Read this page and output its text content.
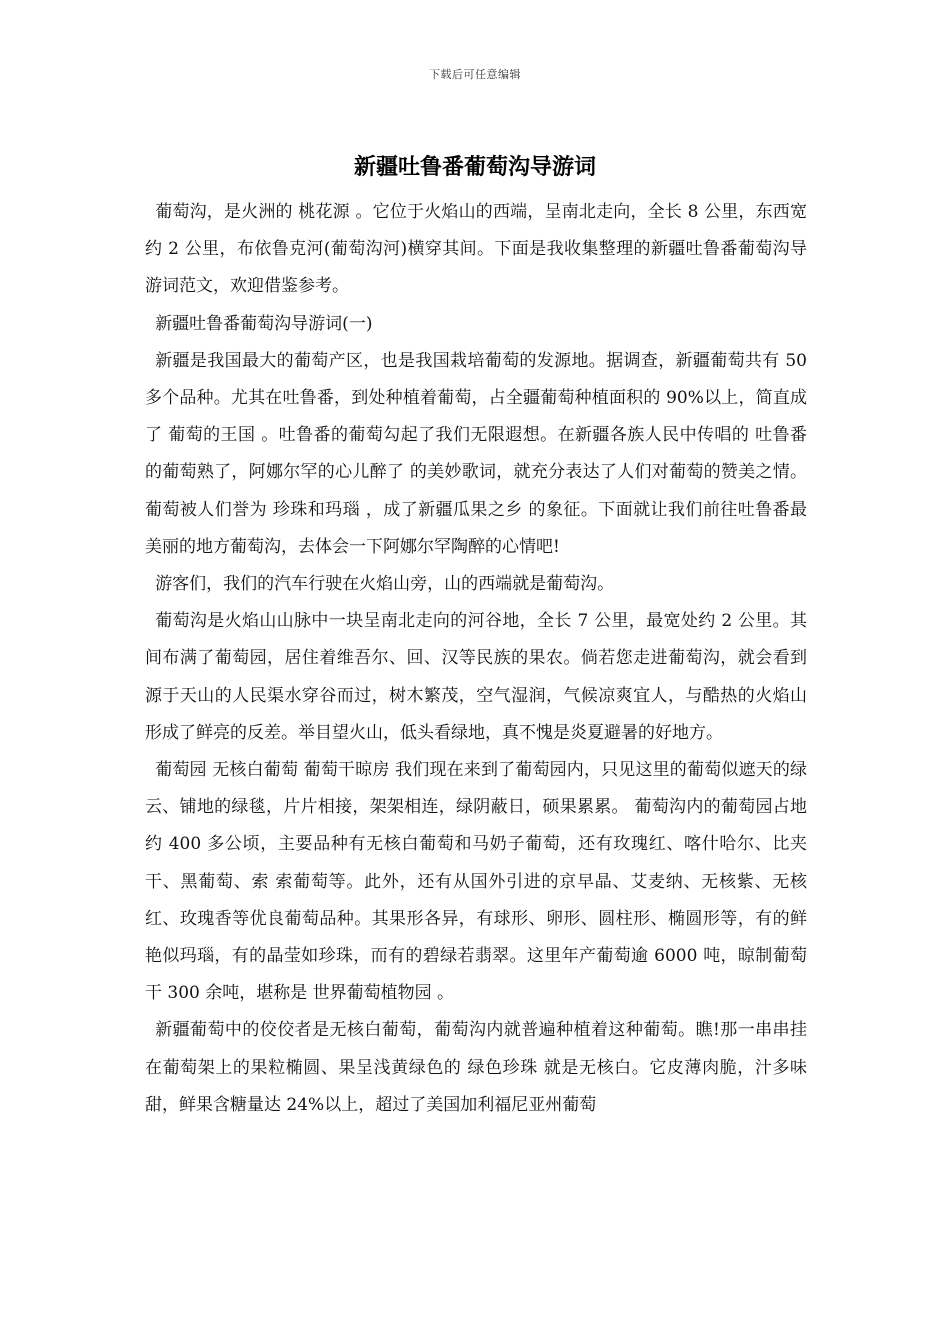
下载后可任意编辑
新疆吐鲁番葡萄沟导游词

葡萄沟，是火洲的 桃花源 。它位于火焰山的西端，呈南北走向，全长 8 公里，东西宽约 2 公里，布依鲁克河(葡萄沟河)横穿其间。下面是我收集整理的新疆吐鲁番葡萄沟导游词范文，欢迎借鉴参考。

新疆吐鲁番葡萄沟导游词(一)

新疆是我国最大的葡萄产区，也是我国栽培葡萄的发源地。据调查，新疆葡萄共有 50 多个品种。尤其在吐鲁番，到处种植着葡萄，占全疆葡萄种植面积的 90%以上，简直成了 葡萄的王国 。吐鲁番的葡萄勾起了我们无限遐想。在新疆各族人民中传唱的 吐鲁番的葡萄熟了，阿娜尔罕的心儿醉了 的美妙歌词，就充分表达了人们对葡萄的赞美之情。葡萄被人们誉为 珍珠和玛瑙 ，成了新疆瓜果之乡 的象征。下面就让我们前往吐鲁番最美丽的地方葡萄沟，去体会一下阿娜尔罕陶醉的心情吧!

游客们，我们的汽车行驶在火焰山旁，山的西端就是葡萄沟。

葡萄沟是火焰山山脉中一块呈南北走向的河谷地，全长 7 公里，最宽处约 2 公里。其间布满了葡萄园，居住着维吾尔、回、汉等民族的果农。倘若您走进葡萄沟，就会看到源于天山的人民渠水穿谷而过，树木繁茂，空气湿润，气候凉爽宜人，与酷热的火焰山形成了鲜亮的反差。举目望火山，低头看绿地，真不愧是炎夏避暑的好地方。

葡萄园 无核白葡萄 葡萄干晾房 我们现在来到了葡萄园内，只见这里的葡萄似遮天的绿云、铺地的绿毯，片片相接，架架相连，绿阴蔽日，硕果累累。 葡萄沟内的葡萄园占地约 400 多公顷，主要品种有无核白葡萄和马奶子葡萄，还有玫瑰红、喀什哈尔、比夹干、黑葡萄、索 索葡萄等。此外，还有从国外引进的京早晶、艾麦纳、无核紫、无核红、玫瑰香等优良葡萄品种。其果形各异，有球形、卵形、圆柱形、椭圆形等，有的鲜艳似玛瑙，有的晶莹如珍珠，而有的碧绿若翡翠。这里年产葡萄逾 6000 吨，晾制葡萄干 300 余吨，堪称是 世界葡萄植物园 。

新疆葡萄中的佼佼者是无核白葡萄，葡萄沟内就普遍种植着这种葡萄。瞧!那一串串挂在葡萄架上的果粒椭圆、果呈浅黄绿色的 绿色珍珠 就是无核白。它皮薄肉脆，汁多味甜，鲜果含糖量达 24%以上，超过了美国加利福尼亚州葡萄
